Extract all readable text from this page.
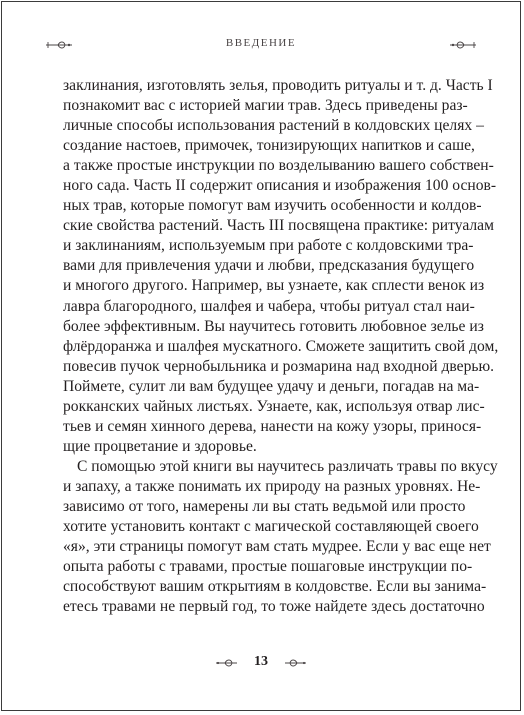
ВВЕДЕНИЕ
заклинания, изготовлять зелья, проводить ритуалы и т. д. Часть I
познакомит вас с историей магии трав. Здесь приведены раз-
личные способы использования растений в колдовских целях –
создание настоев, примочек, тонизирующих напитков и саше,
а также простые инструкции по возделыванию вашего собствен-
ного сада. Часть II содержит описания и изображения 100 основ-
ных трав, которые помогут вам изучить особенности и колдов-
ские свойства растений. Часть III посвящена практике: ритуалам
и заклинаниям, используемым при работе с колдовскими тра-
вами для привлечения удачи и любви, предсказания будущего
и многого другого. Например, вы узнаете, как сплести венок из
лавра благородного, шалфея и чабера, чтобы ритуал стал наи-
более эффективным. Вы научитесь готовить любовное зелье из
флёрдоранжа и шалфея мускатного. Сможете защитить свой дом,
повесив пучок чернобыльника и розмарина над входной дверью.
Поймете, сулит ли вам будущее удачу и деньги, погадав на ма-
рокканских чайных листьях. Узнаете, как, используя отвар лис-
тьев и семян хинного дерева, нанести на кожу узоры, принося-
щие процветание и здоровье.
С помощью этой книги вы научитесь различать травы по вкусу
и запаху, а также понимать их природу на разных уровнях. Не-
зависимо от того, намерены ли вы стать ведьмой или просто
хотите установить контакт с магической составляющей своего
«я», эти страницы помогут вам стать мудрее. Если у вас еще нет
опыта работы с травами, простые пошаговые инструкции по-
способствуют вашим открытиям в колдовстве. Если вы занима-
етесь травами не первый год, то тоже найдете здесь достаточно
13
